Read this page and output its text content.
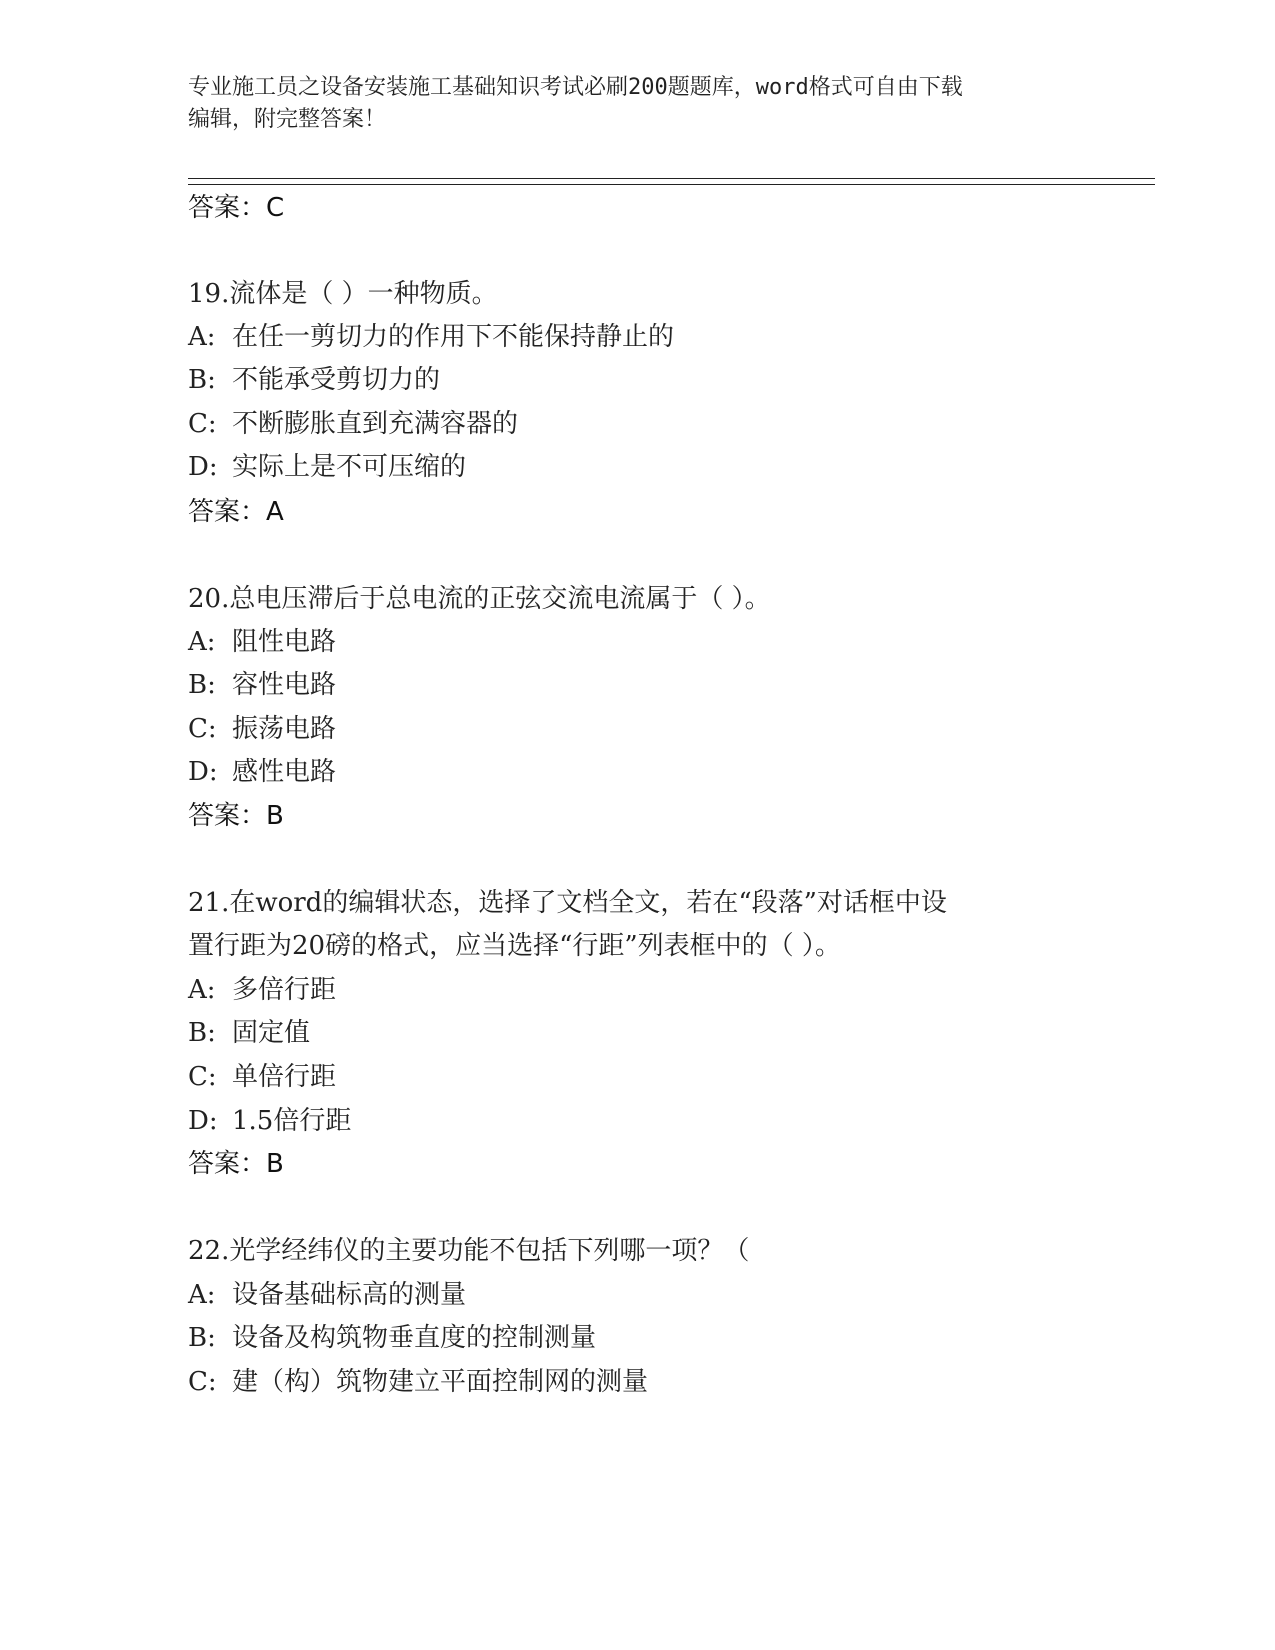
专业施工员之设备安装施工基础知识考试必刷200题题库，word格式可自由下载
编辑，附完整答案！
答案：C
19.流体是（ ）一种物质。
A: 在任一剪切力的作用下不能保持静止的
B: 不能承受剪切力的
C: 不断膨胀直到充满容器的
D: 实际上是不可压缩的
答案：A
20.总电压滞后于总电流的正弦交流电流属于（ ）。
A: 阻性电路
B: 容性电路
C: 振荡电路
D: 感性电路
答案：B
21.在word的编辑状态，选择了文档全文，若在“段落”对话框中设
置行距为20磅的格式，应当选择“行距”列表框中的（ ）。
A: 多倍行距
B: 固定值
C: 单倍行距
D: 1.5倍行距
答案：B
22.光学经纬仪的主要功能不包括下列哪一项？（
A: 设备基础标高的测量
B: 设备及构筑物垂直度的控制测量
C: 建（构）筑物建立平面控制网的测量
